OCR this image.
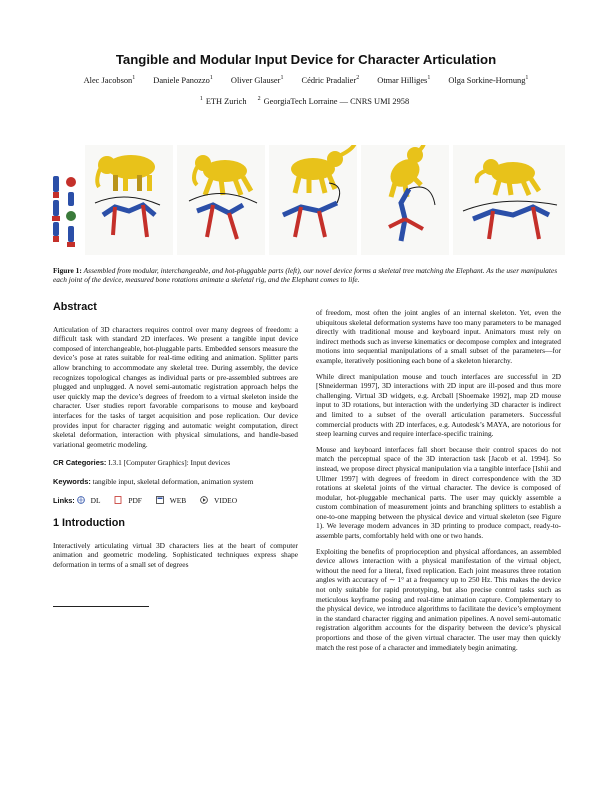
Tangible and Modular Input Device for Character Articulation
Alec Jacobson$^1$ Daniele Panozzo$^1$ Oliver Glauser$^1$ Cédric Pradalier$^2$ Otmar Hilliges$^1$ Olga Sorkine-Hornung$^1$
$^1$ ETH Zurich $^2$ GeorgiaTech Lorraine — CNRS UMI 2958
Figure 1: Assembled from modular, interchangeable, and hot-pluggable parts (left), our novel device forms a skeletal tree matching the Elephant. As the user manipulates each joint of the device, measured bone rotations animate a skeletal rig, and the Elephant comes to life.
Abstract

Articulation of 3D characters requires control over many degrees of freedom: a difficult task with standard 2D interfaces. We present a tangible input device composed of interchangeable, hot-pluggable parts. Embedded sensors measure the device’s pose at rates suitable for real-time editing and animation. Splitter parts allow branching to accommodate any skeletal tree. During assembly, the device recognizes topological changes as individual parts or pre-assembled subtrees are plugged and unplugged. A novel semi-automatic registration approach helps the user quickly map the device’s degrees of freedom to a virtual skeleton inside the character. User studies report favorable comparisons to mouse and keyboard interfaces for the tasks of target acquisition and pose replication. Our device provides input for character rigging and automatic weight computation, direct skeletal deformation, interaction with physical simulations, and handle-based variational geometric modeling.

CR Categories: I.3.1 [Computer Graphics]: Input devices

Keywords: tangible input, skeletal deformation, animation system

Links: DL	PDF	WEB	VIDEO

1 Introduction

Interactively articulating virtual 3D characters lies at the heart of computer animation and geometric modeling. Sophisticated techniques express shape deformation in terms of a small set of degrees

of freedom, most often the joint angles of an internal skeleton. Yet, even the ubiquitous skeletal deformation systems have too many parameters to be managed directly with traditional mouse and keyboard input. Animators must rely on indirect methods such as inverse kinematics or decompose complex and integrated motions into sequential manipulations of a small subset of the parameters—for example, iteratively positioning each bone of a skeleton hierarchy.

While direct manipulation mouse and touch interfaces are successful in 2D [Shneiderman 1997], 3D interactions with 2D input are ill-posed and thus more challenging. Virtual 3D widgets, e.g. Arcball [Shoemake 1992], map 2D mouse input to 3D rotations, but interaction with the underlying 3D character is indirect and limited to a subset of the overall articulation parameters. Successful commercial products with 2D interfaces, e.g. Autodesk’s MAYA, are notorious for steep learning curves and require interface-specific training.

Mouse and keyboard interfaces fall short because their control spaces do not match the perceptual space of the 3D interaction task [Jacob et al. 1994]. So instead, we propose direct physical manipulation via a tangible interface [Ishii and Ullmer 1997] with degrees of freedom in direct correspondence with the 3D rotations at skeletal joints of the virtual character. The device is composed of modular, hot-pluggable mechanical parts. The user may quickly assemble a custom combination of measurement joints and branching splitters to establish a one-to-one mapping between the physical device and virtual skeleton (see Figure 1). We leverage modern advances in 3D printing to produce compact, ready-to-assemble parts, comfortably held with one or two hands.

Exploiting the benefits of proprioception and physical affordances, an assembled device allows interaction with a physical manifestation of the virtual object, without the need for a literal, fixed replication. Each joint measures three rotation angles with accuracy of ∼ 1° at a frequency up to 250 Hz. This makes the device not only suitable for rapid prototyping, but also precise control tasks such as meticulous keyframe posing and real-time animation capture. Complementary to the physical device, we introduce algorithms to facilitate the device’s employment in the standard character rigging and animation pipelines. A novel semi-automatic registration algorithm accounts for the disparity between the device’s physical proportions and those of the given virtual character. The user may then quickly match the rest pose of a character and immediately begin animating.
